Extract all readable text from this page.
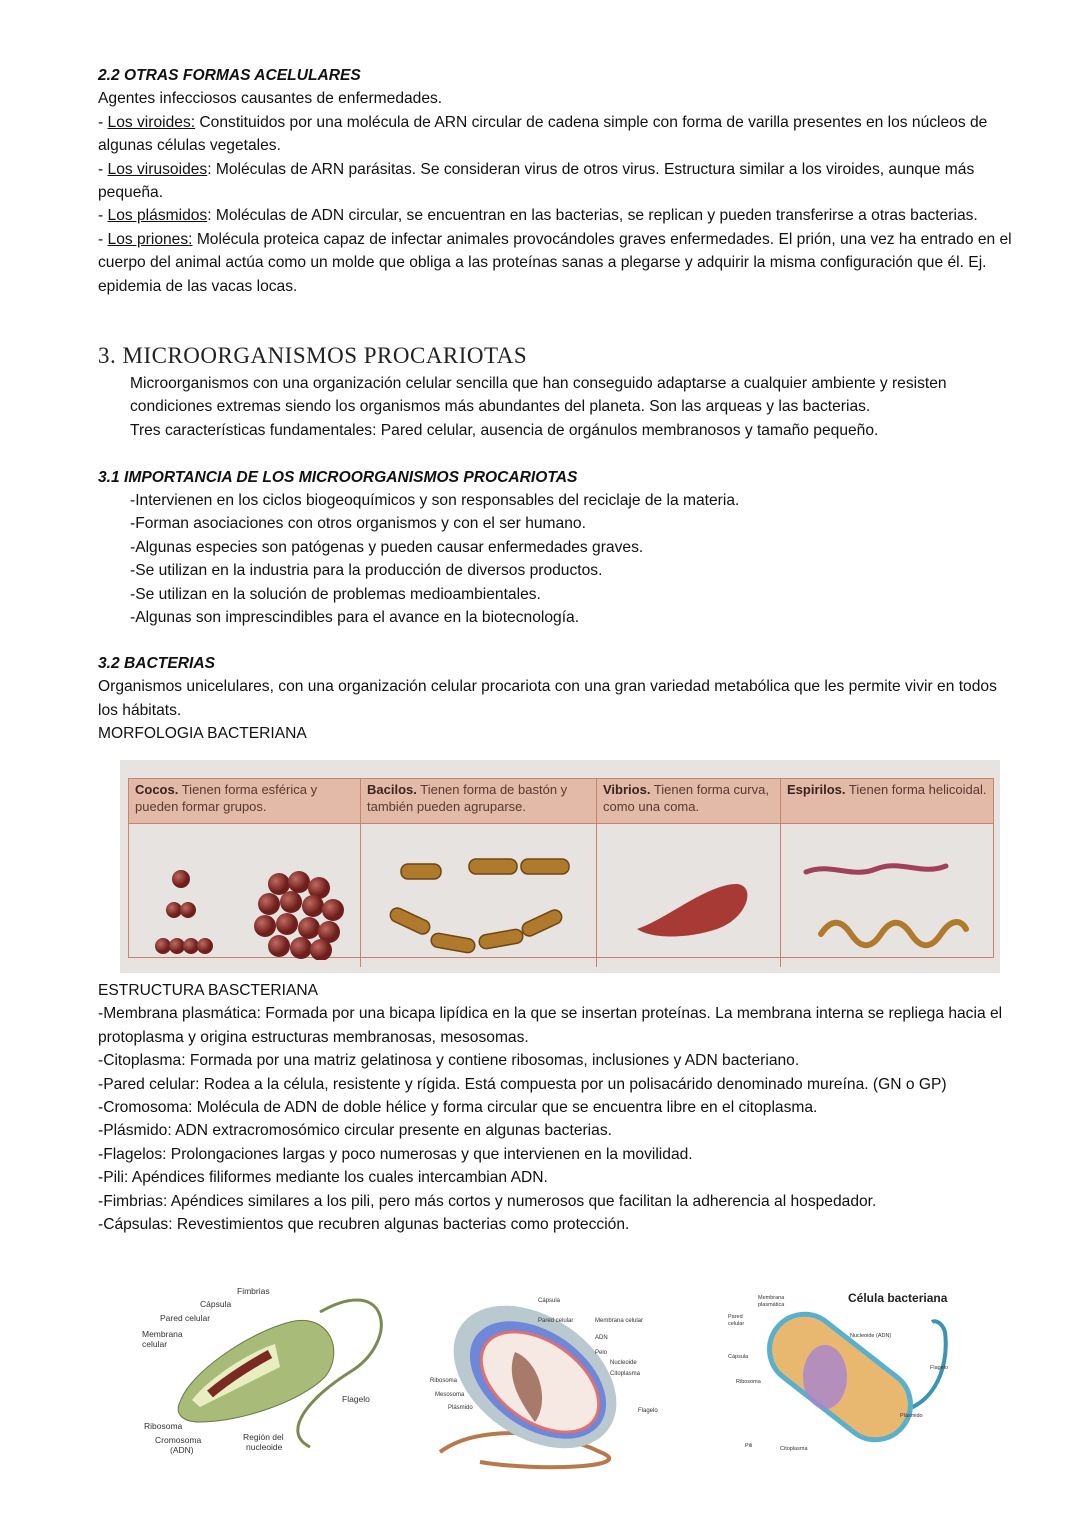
2.2 OTRAS FORMAS ACELULARES

Agentes infecciosos causantes de enfermedades.

- Los viroides: Constituidos por una molécula de ARN circular de cadena simple con forma de varilla presentes en los núcleos de algunas células vegetales.

- Los virusoides: Moléculas de ARN parásitas. Se consideran virus de otros virus. Estructura similar a los viroides, aunque más pequeña.

- Los plásmidos: Moléculas de ADN circular, se encuentran en las bacterias, se replican y pueden transferirse a otras bacterias.

- Los priones: Molécula proteica capaz de infectar animales provocándoles graves enfermedades. El prión, una vez ha entrado en el cuerpo del animal actúa como un molde que obliga a las proteínas sanas a plegarse y adquirir la misma configuración que él. Ej. epidemia de las vacas locas.

3. MICROORGANISMOS PROCARIOTAS

Microorganismos con una organización celular sencilla que han conseguido adaptarse a cualquier ambiente y resisten condiciones extremas siendo los organismos más abundantes del planeta. Son las arqueas y las bacterias.

Tres características fundamentales: Pared celular, ausencia de orgánulos membranosos y tamaño pequeño.

3.1 IMPORTANCIA DE LOS MICROORGANISMOS PROCARIOTAS

-Intervienen en los ciclos biogeoquímicos y son responsables del reciclaje de la materia.

-Forman asociaciones con otros organismos y con el ser humano.

-Algunas especies son patógenas y pueden causar enfermedades graves.

-Se utilizan en la industria para la producción de diversos productos.

-Se utilizan en la solución de problemas medioambientales.

-Algunas son imprescindibles para el avance en la biotecnología.

3.2 BACTERIAS

Organismos unicelulares, con una organización celular procariota con una gran variedad metabólica que les permite vivir en todos los hábitats.

MORFOLOGIA BACTERIANA

Cocos. Tienen forma esférica y pueden formar grupos.
Bacilos. Tienen forma de bastón y también pueden agruparse.
Vibrios. Tienen forma curva, como una coma.
Espirilos. Tienen forma helicoidal.

ESTRUCTURA BASCTERIANA

-Membrana plasmática: Formada por una bicapa lipídica en la que se insertan proteínas. La membrana interna se repliega hacia el protoplasma y origina estructuras membranosas, mesosomas.

-Citoplasma: Formada por una matriz gelatinosa y contiene ribosomas, inclusiones y ADN bacteriano.

-Pared celular: Rodea a la célula, resistente y rígida. Está compuesta por un polisacárido denominado mureína. (GN o GP)

-Cromosoma: Molécula de ADN de doble hélice y forma circular que se encuentra libre en el citoplasma.

-Plásmido: ADN extracromosómico circular presente en algunas bacterias.

-Flagelos: Prolongaciones largas y poco numerosas y que intervienen en la movilidad.

-Pili: Apéndices filiformes mediante los cuales intercambian ADN.

-Fimbrias: Apéndices similares a los pili, pero más cortos y numerosos que facilitan la adherencia al hospedador.

-Cápsulas: Revestimientos que recubren algunas bacterias como protección.

Fimbrias
Cápsula
Pared celular
Membrana
celular
Flagelo
Ribosoma
Cromosoma
(ADN)
Región del
nucleoide
Cápsula
Pared celular	Membrana celular
ADN
Pelo
Nucleoide
Citoplasma
Ribosoma
Mesosoma
Plásmido	Flagelo
Célula bacteriana
Membrana
plasmática
Pared
celular
Cápsula
Ribosoma
Nucleoide (ADN)
Flagelo
Plásmido
Pili	Citoplasma
